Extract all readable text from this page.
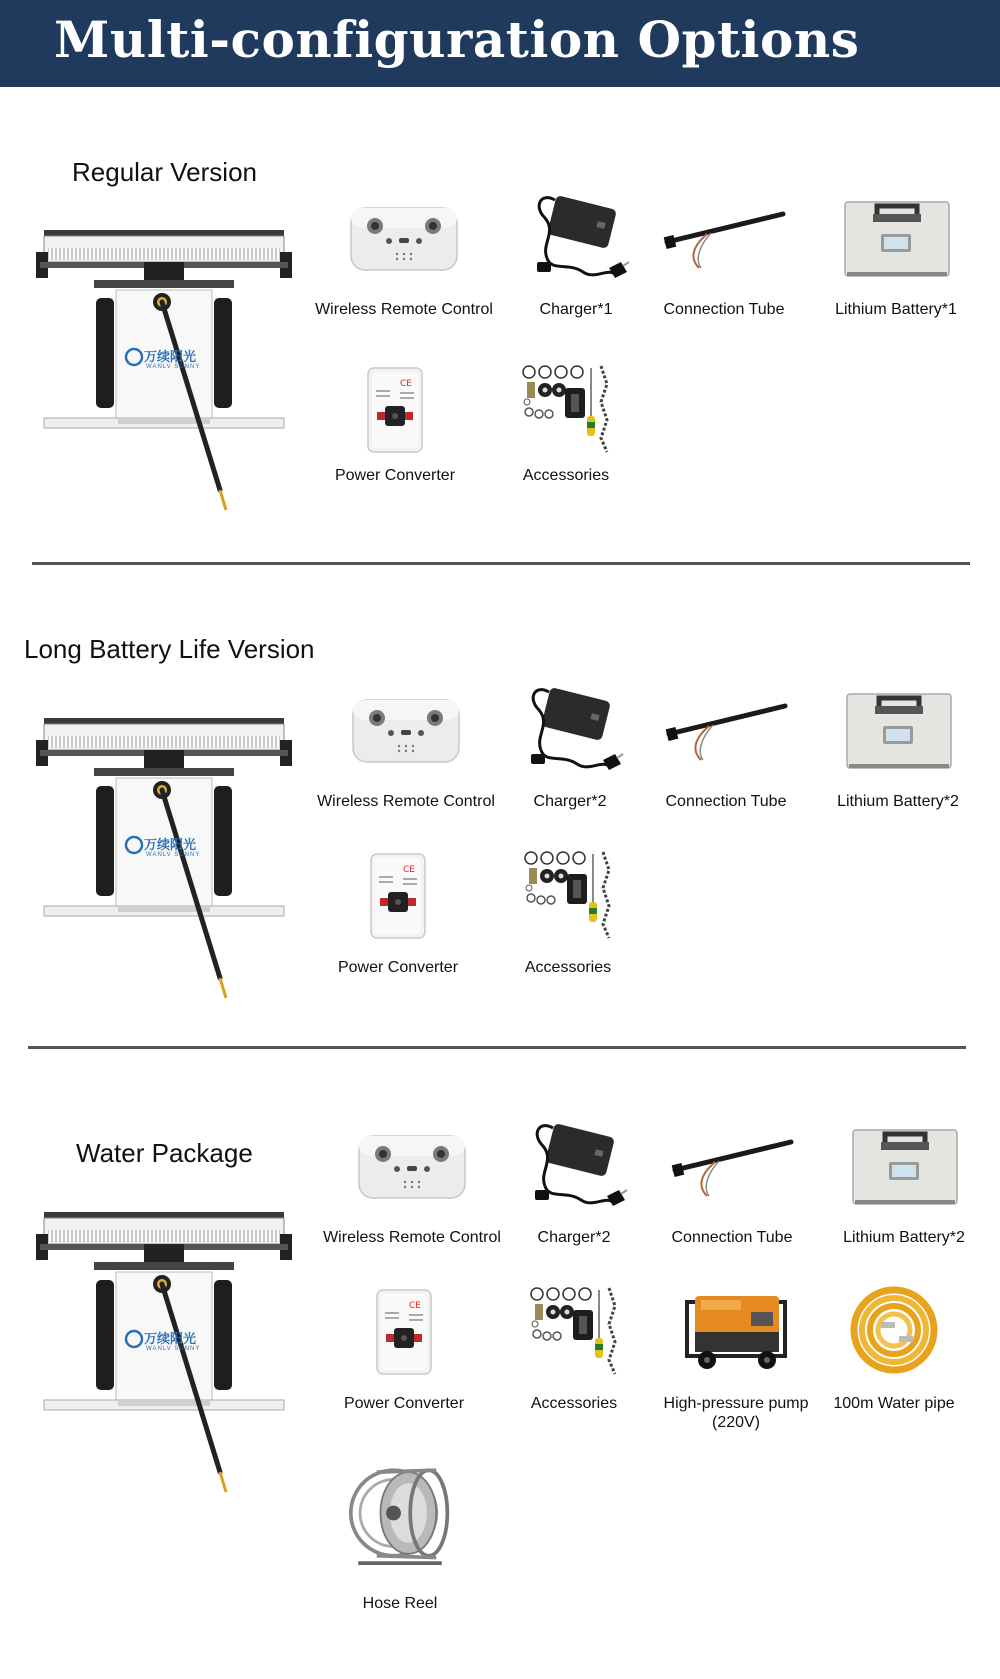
Multi-configuration Options
Regular Version
万续阳光
WANLV SUNNY
Wireless Remote Control	Charger*1	Connection Tube	Lithium Battery*1
Power Converter	Accessories
Long Battery Life Version
万续阳光
WANLV SUNNY
Wireless Remote Control	Charger*2	Connection Tube	Lithium Battery*2
Power Converter	Accessories
Water Package
万续阳光
WANLV SUNNY
Wireless Remote Control	Charger*2	Connection Tube	Lithium Battery*2
Power Converter	Accessories	High-pressure pump
(220V)
100m Water pipe
Hose Reel
